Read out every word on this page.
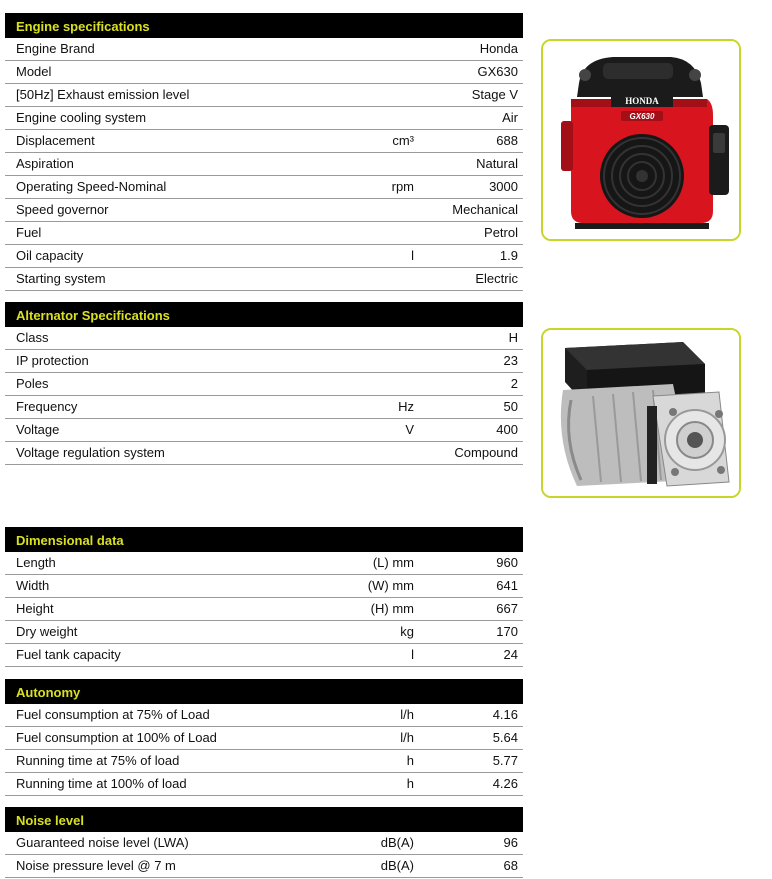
Engine specifications
Engine Brand	Honda
Model	GX630
[50Hz] Exhaust emission level	Stage V
Engine cooling system	Air
Displacement	cm³	688
Aspiration	Natural
Operating Speed-Nominal	rpm	3000
Speed governor	Mechanical
Fuel	Petrol
Oil capacity	l	1.9
Starting system	Electric
Alternator Specifications
Class	H
IP protection	23
Poles	2
Frequency	Hz	50
Voltage	V	400
Voltage regulation system	Compound
Dimensional data
Length	(L) mm	960
Width	(W) mm	641
Height	(H) mm	667
Dry weight	kg	170
Fuel tank capacity	l	24
Autonomy
Fuel consumption at 75% of Load	l/h	4.16
Fuel consumption at 100% of Load	l/h	5.64
Running time at 75% of load	h	5.77
Running time at 100% of load	h	4.26
Noise level
Guaranteed noise level (LWA)	dB(A)	96
Noise pressure level @ 7 m	dB(A)	68
HONDA
GX630
